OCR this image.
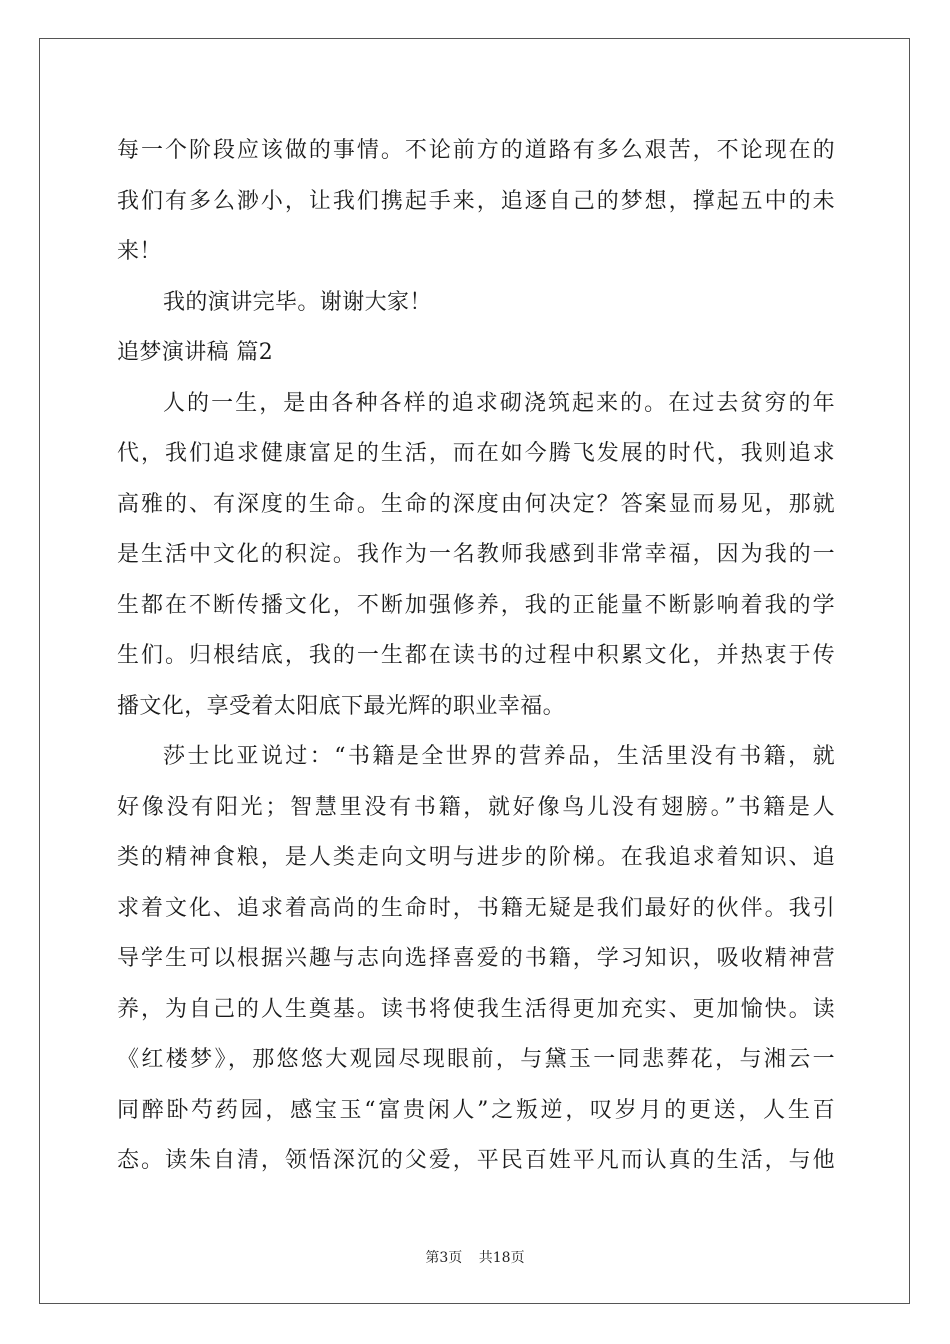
每一个阶段应该做的事情。不论前方的道路有多么艰苦，不论现在的
我们有多么渺小，让我们携起手来，追逐自己的梦想，撑起五中的未
来！
我的演讲完毕。谢谢大家！
追梦演讲稿 篇2
人的一生，是由各种各样的追求砌浇筑起来的。在过去贫穷的年
代，我们追求健康富足的生活，而在如今腾飞发展的时代，我则追求
高雅的、有深度的生命。生命的深度由何决定？答案显而易见，那就
是生活中文化的积淀。我作为一名教师我感到非常幸福，因为我的一
生都在不断传播文化，不断加强修养，我的正能量不断影响着我的学
生们。归根结底，我的一生都在读书的过程中积累文化，并热衷于传
播文化，享受着太阳底下最光辉的职业幸福。
莎士比亚说过：“书籍是全世界的营养品，生活里没有书籍，就
好像没有阳光；智慧里没有书籍，就好像鸟儿没有翅膀。”书籍是人
类的精神食粮，是人类走向文明与进步的阶梯。在我追求着知识、追
求着文化、追求着高尚的生命时，书籍无疑是我们最好的伙伴。我引
导学生可以根据兴趣与志向选择喜爱的书籍，学习知识，吸收精神营
养，为自己的人生奠基。读书将使我生活得更加充实、更加愉快。读
《红楼梦》，那悠悠大观园尽现眼前，与黛玉一同悲葬花，与湘云一
同醉卧芍药园，感宝玉“富贵闲人”之叛逆，叹岁月的更送，人生百
态。读朱自清，领悟深沉的父爱，平民百姓平凡而认真的生活，与他
第3页 共18页
